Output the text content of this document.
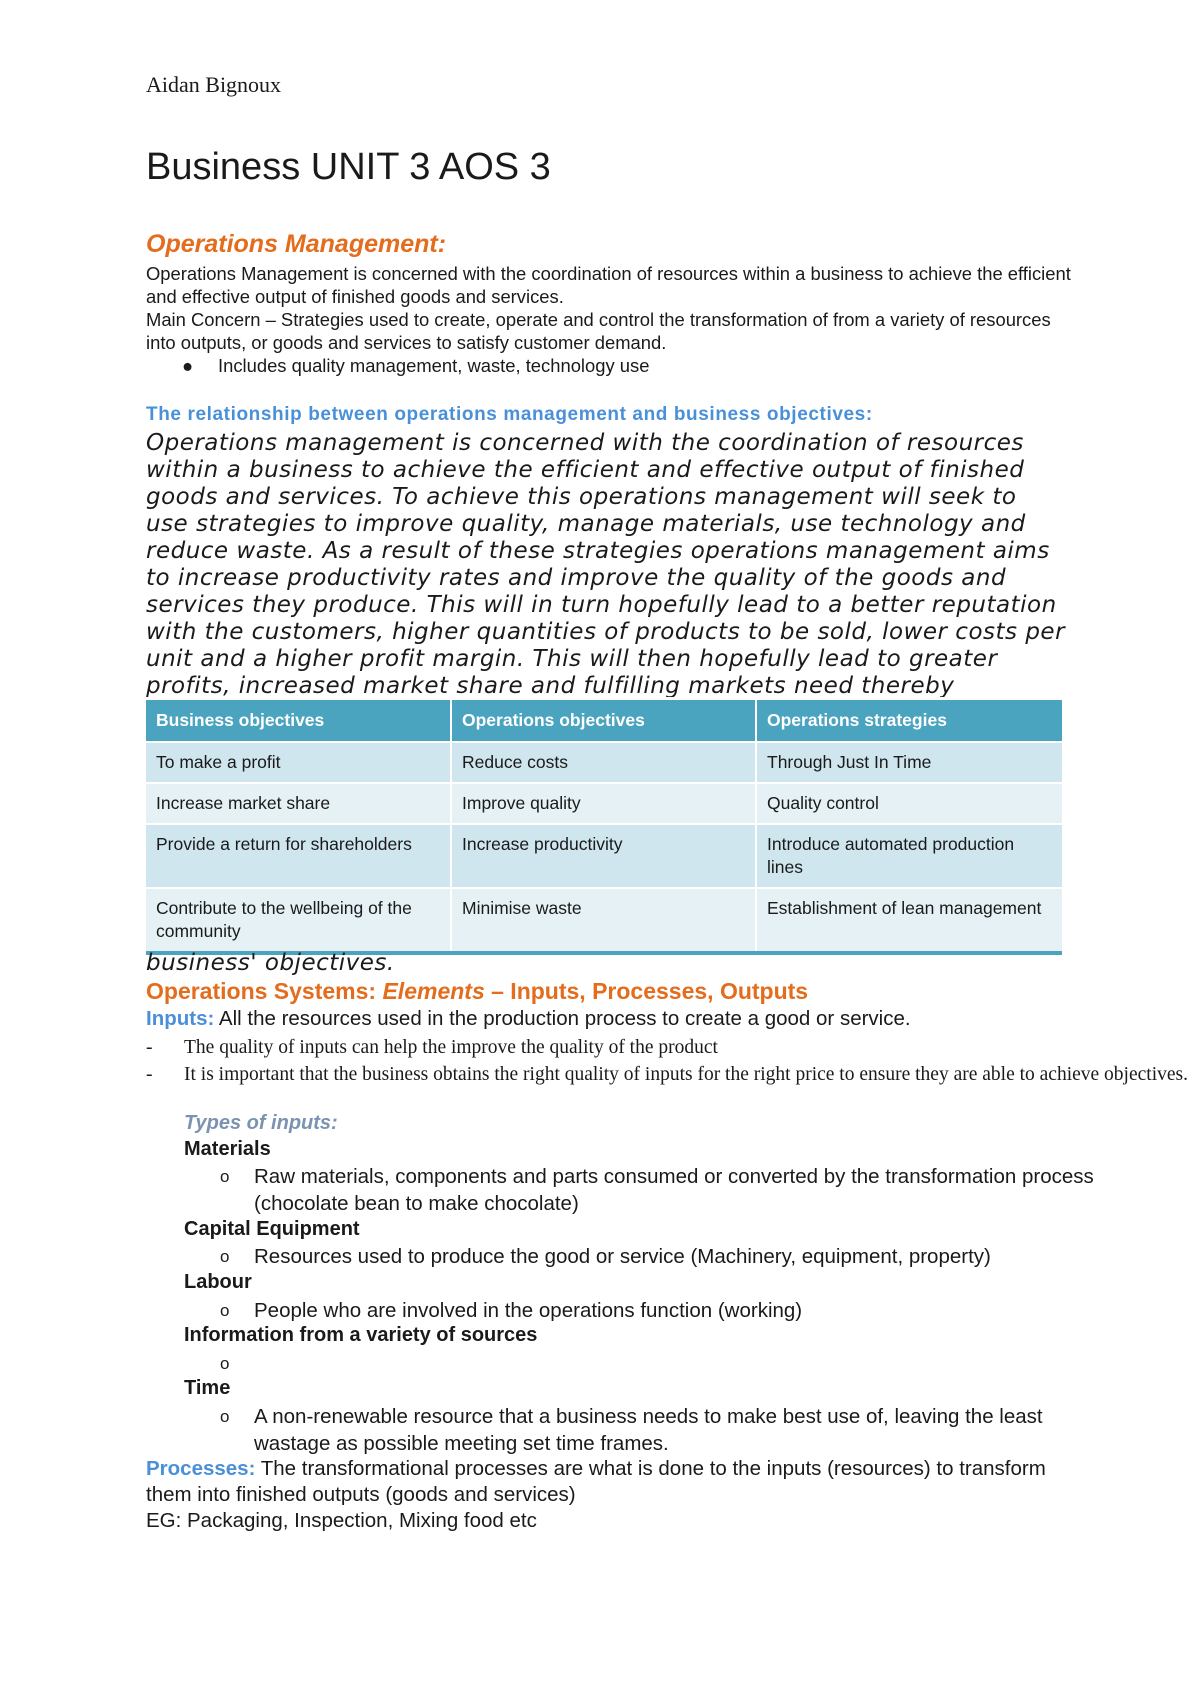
Aidan Bignoux
Business UNIT 3 AOS 3
Operations Management:

Operations Management is concerned with the coordination of resources within a business to achieve the efficient and effective output of finished goods and services.

Main Concern – Strategies used to create, operate and control the transformation of from a variety of resources into outputs, or goods and services to satisfy customer demand.

● Includes quality management, waste, technology use
The relationship between operations management and business objectives:

Operations management is concerned with the coordination of resources within a business to achieve the efficient and effective output of finished goods and services. To achieve this operations management will seek to use strategies to improve quality, manage materials, use technology and reduce waste. As a result of these strategies operations management aims to increase productivity rates and improve the quality of the goods and services they produce. This will in turn hopefully lead to a better reputation with the customers, higher quantities of products to be sold, lower costs per unit and a higher profit margin. This will then hopefully lead to greater profits, increased market share and fulfilling markets need thereby

Business objectives	Operations objectives	Operations strategies
To make a profit	Reduce costs	Through Just In Time
Increase market share	Improve quality	Quality control
Provide a return for shareholders	Increase productivity	Introduce automated production lines
Contribute to the wellbeing of the community	Minimise waste	Establishment of lean management

business' objectives.

Operations Systems: Elements – Inputs, Processes, Outputs

Inputs: All the resources used in the production process to create a good or service.

- The quality of inputs can help the improve the quality of the product
- It is important that the business obtains the right quality of inputs for the right price to ensure they are able to achieve objectives.

Types of inputs:

Materials

o Raw materials, components and parts consumed or converted by the transformation process (chocolate bean to make chocolate)

Capital Equipment

o Resources used to produce the good or service (Machinery, equipment, property)

Labour

o People who are involved in the operations function (working)

Information from a variety of sources

o

Time

o A non-renewable resource that a business needs to make best use of, leaving the least wastage as possible meeting set time frames.

Processes: The transformational processes are what is done to the inputs (resources) to transform them into finished outputs (goods and services)

EG: Packaging, Inspection, Mixing food etc
